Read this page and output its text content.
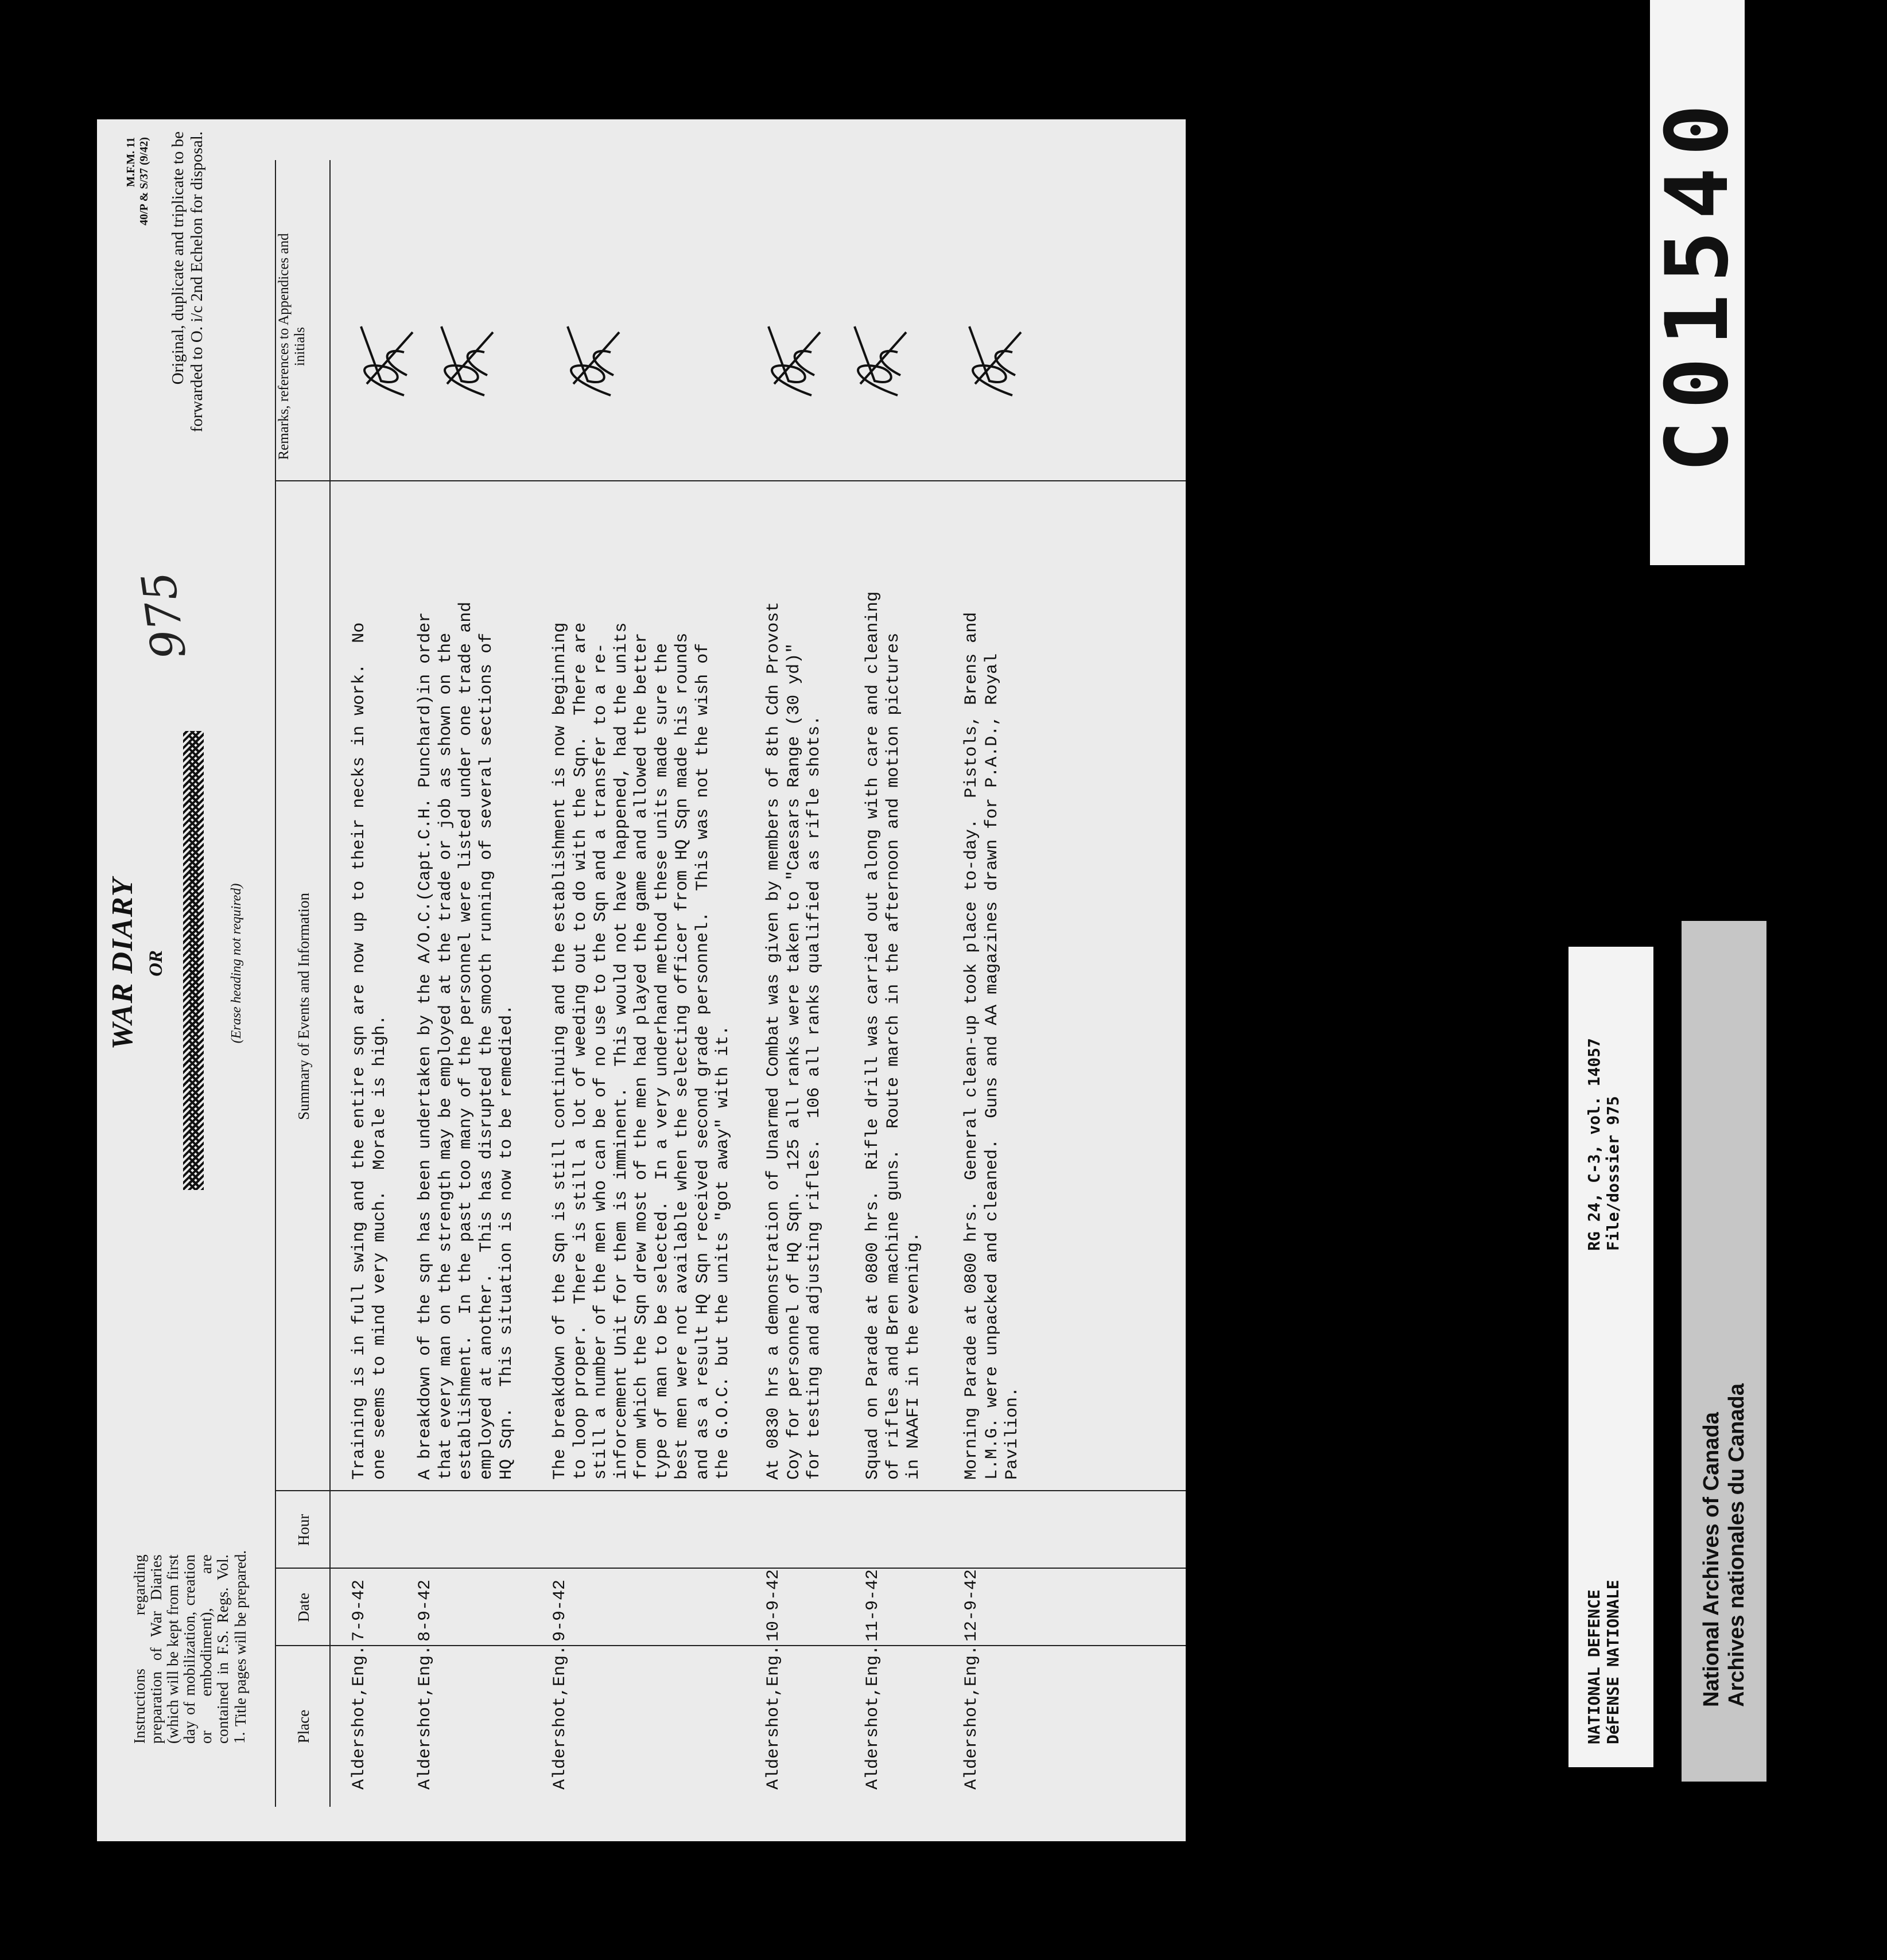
Instructions regarding preparation of War Diaries (which will be kept from first day of mobilization, creation or embodiment), are contained in F.S. Regs. Vol. 1.
Title pages will be prepared.
975
WAR DIARY OR	(Erase heading not required)
M.F.M. 11 40/P & S/37 (9/42) Original, duplicate and triplicate to be forwarded to O. i/c 2nd Echelon for disposal.
Place
Date
Hour
Summary of Events and Information
Remarks, references to Appendices and initials
Aldershot,Eng.
7-9-42
Training is in full swing and the entire sqn are now up to their necks in work.  No
one seems to mind very much.  Morale is high.
Aldershot,Eng.
8-9-42
A breakdown of the sqn has been undertaken by the A/O.C.(Capt.C.H. Punchard)in order
that every man on the strength may be employed at the trade or job as shown on the
establishment.  In the past too many of the personnel were listed under one trade and
employed at another.  This has disrupted the smooth running of several sections of
HQ Sqn.  This situation is now to be remedied.
Aldershot,Eng.
9-9-42
The breakdown of the Sqn is still continuing and the establishment is now beginning
to loop proper.  There is still a lot of weeding out to do with the Sqn.  There are
still a number of the men who can be of no use to the Sqn and a transfer to a re-
inforcement Unit for them is imminent.  This would not have happened, had the units
from which the Sqn drew most of the men had played the game and allowed the better
type of man to be selected.  In a very underhand method these units made sure the
best men were not available when the selecting officer from HQ Sqn made his rounds
and as a result HQ Sqn received second grade personnel.  This was not the wish of
the G.O.C. but the units "got away" with it.
Aldershot,Eng.
10-9-42
At 0830 hrs a demonstration of Unarmed Combat was given by members of 8th Cdn Provost
Coy for personnel of HQ Sqn.  125 all ranks were taken to "Caesars Range (30 yd)"
for testing and adjusting rifles.  106 all ranks qualified as rifle shots.
Aldershot,Eng.
11-9-42
Squad on Parade at 0800 hrs.  Rifle drill was carried out along with care and cleaning
of rifles and Bren machine guns.  Route march in the afternoon and motion pictures
in NAAFI in the evening.
Aldershot,Eng.
12-9-42
Morning Parade at 0800 hrs.  General clean-up took place to-day.  Pistols, Brens and
L.M.G. were unpacked and cleaned.  Guns and AA magazines drawn for P.A.D., Royal
Pavilion.
C01540
NATIONAL DEFENCE DéFENSE NATIONALE
RG 24, C-3, vol. 14057 File/dossier 975
National Archives of Canada Archives nationales du Canada
